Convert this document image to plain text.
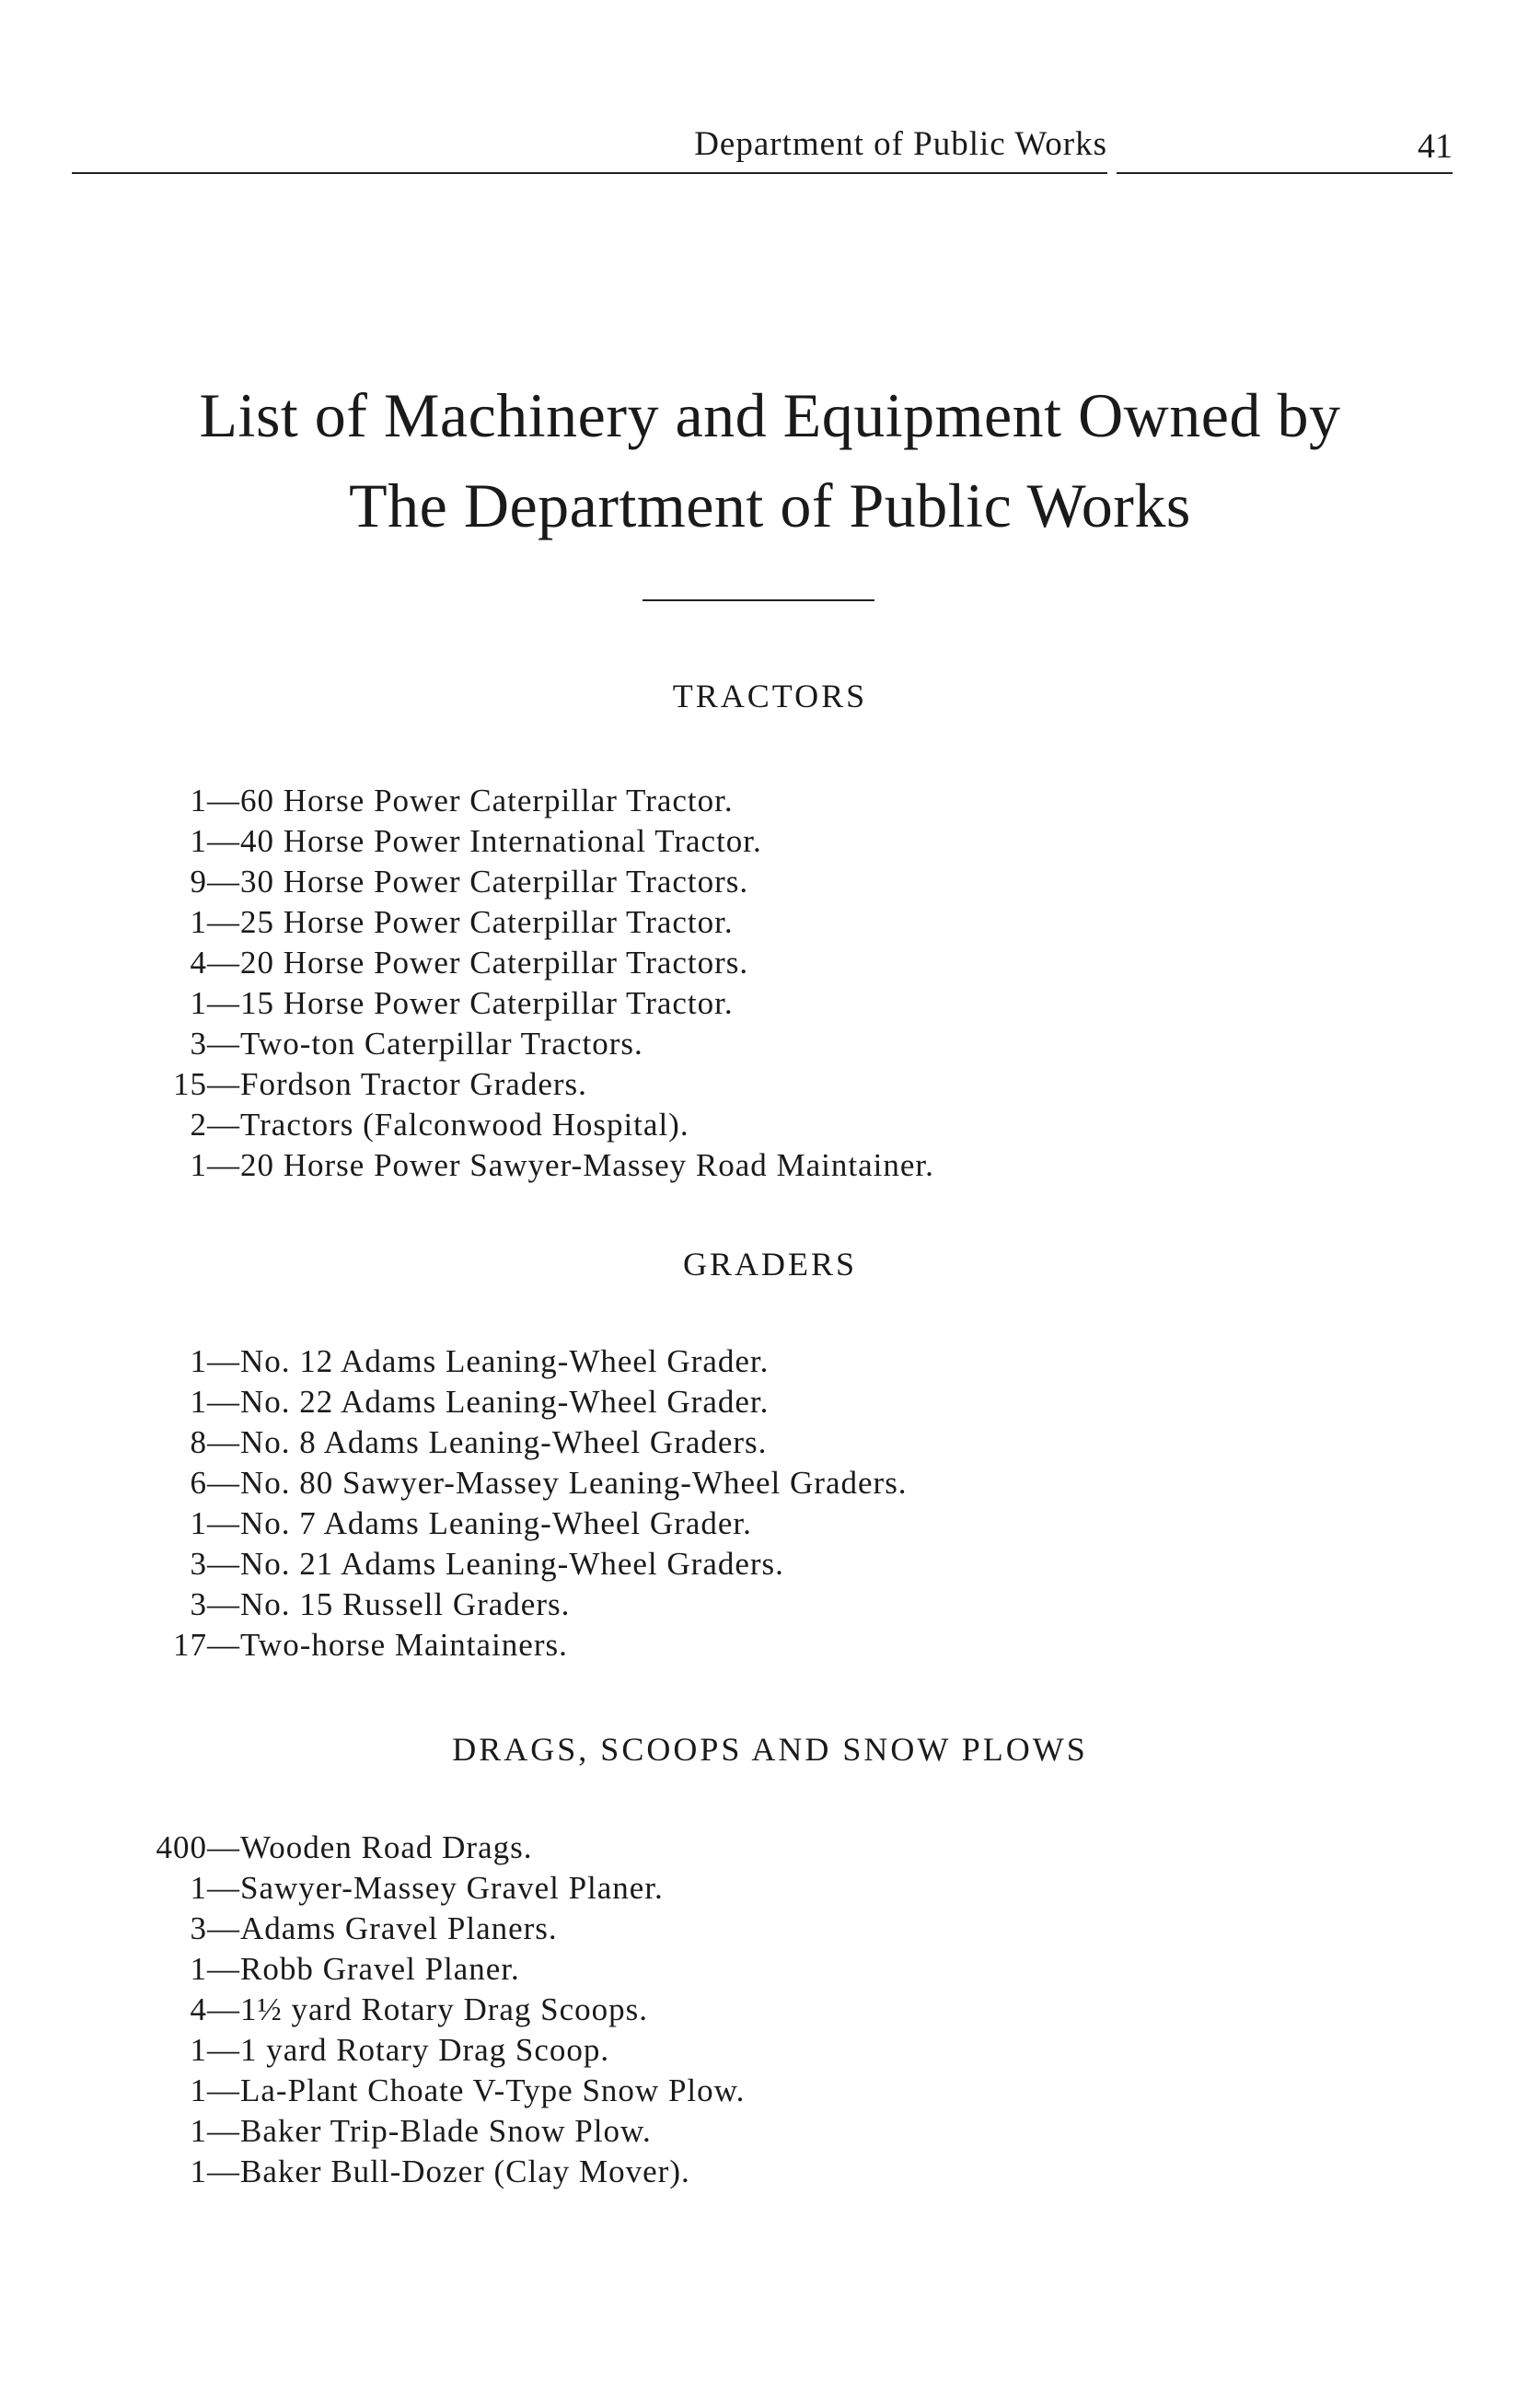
Department of Public Works	41
List of Machinery and Equipment Owned by
The Department of Public Works
TRACTORS
1—60 Horse Power Caterpillar Tractor.
1—40 Horse Power International Tractor.
9—30 Horse Power Caterpillar Tractors.
1—25 Horse Power Caterpillar Tractor.
4—20 Horse Power Caterpillar Tractors.
1—15 Horse Power Caterpillar Tractor.
3—Two-ton Caterpillar Tractors.
15—Fordson Tractor Graders.
2—Tractors (Falconwood Hospital).
1—20 Horse Power Sawyer-Massey Road Maintainer.
GRADERS
1—No. 12 Adams Leaning-Wheel Grader.
1—No. 22 Adams Leaning-Wheel Grader.
8—No. 8 Adams Leaning-Wheel Graders.
6—No. 80 Sawyer-Massey Leaning-Wheel Graders.
1—No. 7 Adams Leaning-Wheel Grader.
3—No. 21 Adams Leaning-Wheel Graders.
3—No. 15 Russell Graders.
17—Two-horse Maintainers.
DRAGS, SCOOPS AND SNOW PLOWS
400—Wooden Road Drags.
1—Sawyer-Massey Gravel Planer.
3—Adams Gravel Planers.
1—Robb Gravel Planer.
4—1½ yard Rotary Drag Scoops.
1—1 yard Rotary Drag Scoop.
1—La-Plant Choate V-Type Snow Plow.
1—Baker Trip-Blade Snow Plow.
1—Baker Bull-Dozer (Clay Mover).
